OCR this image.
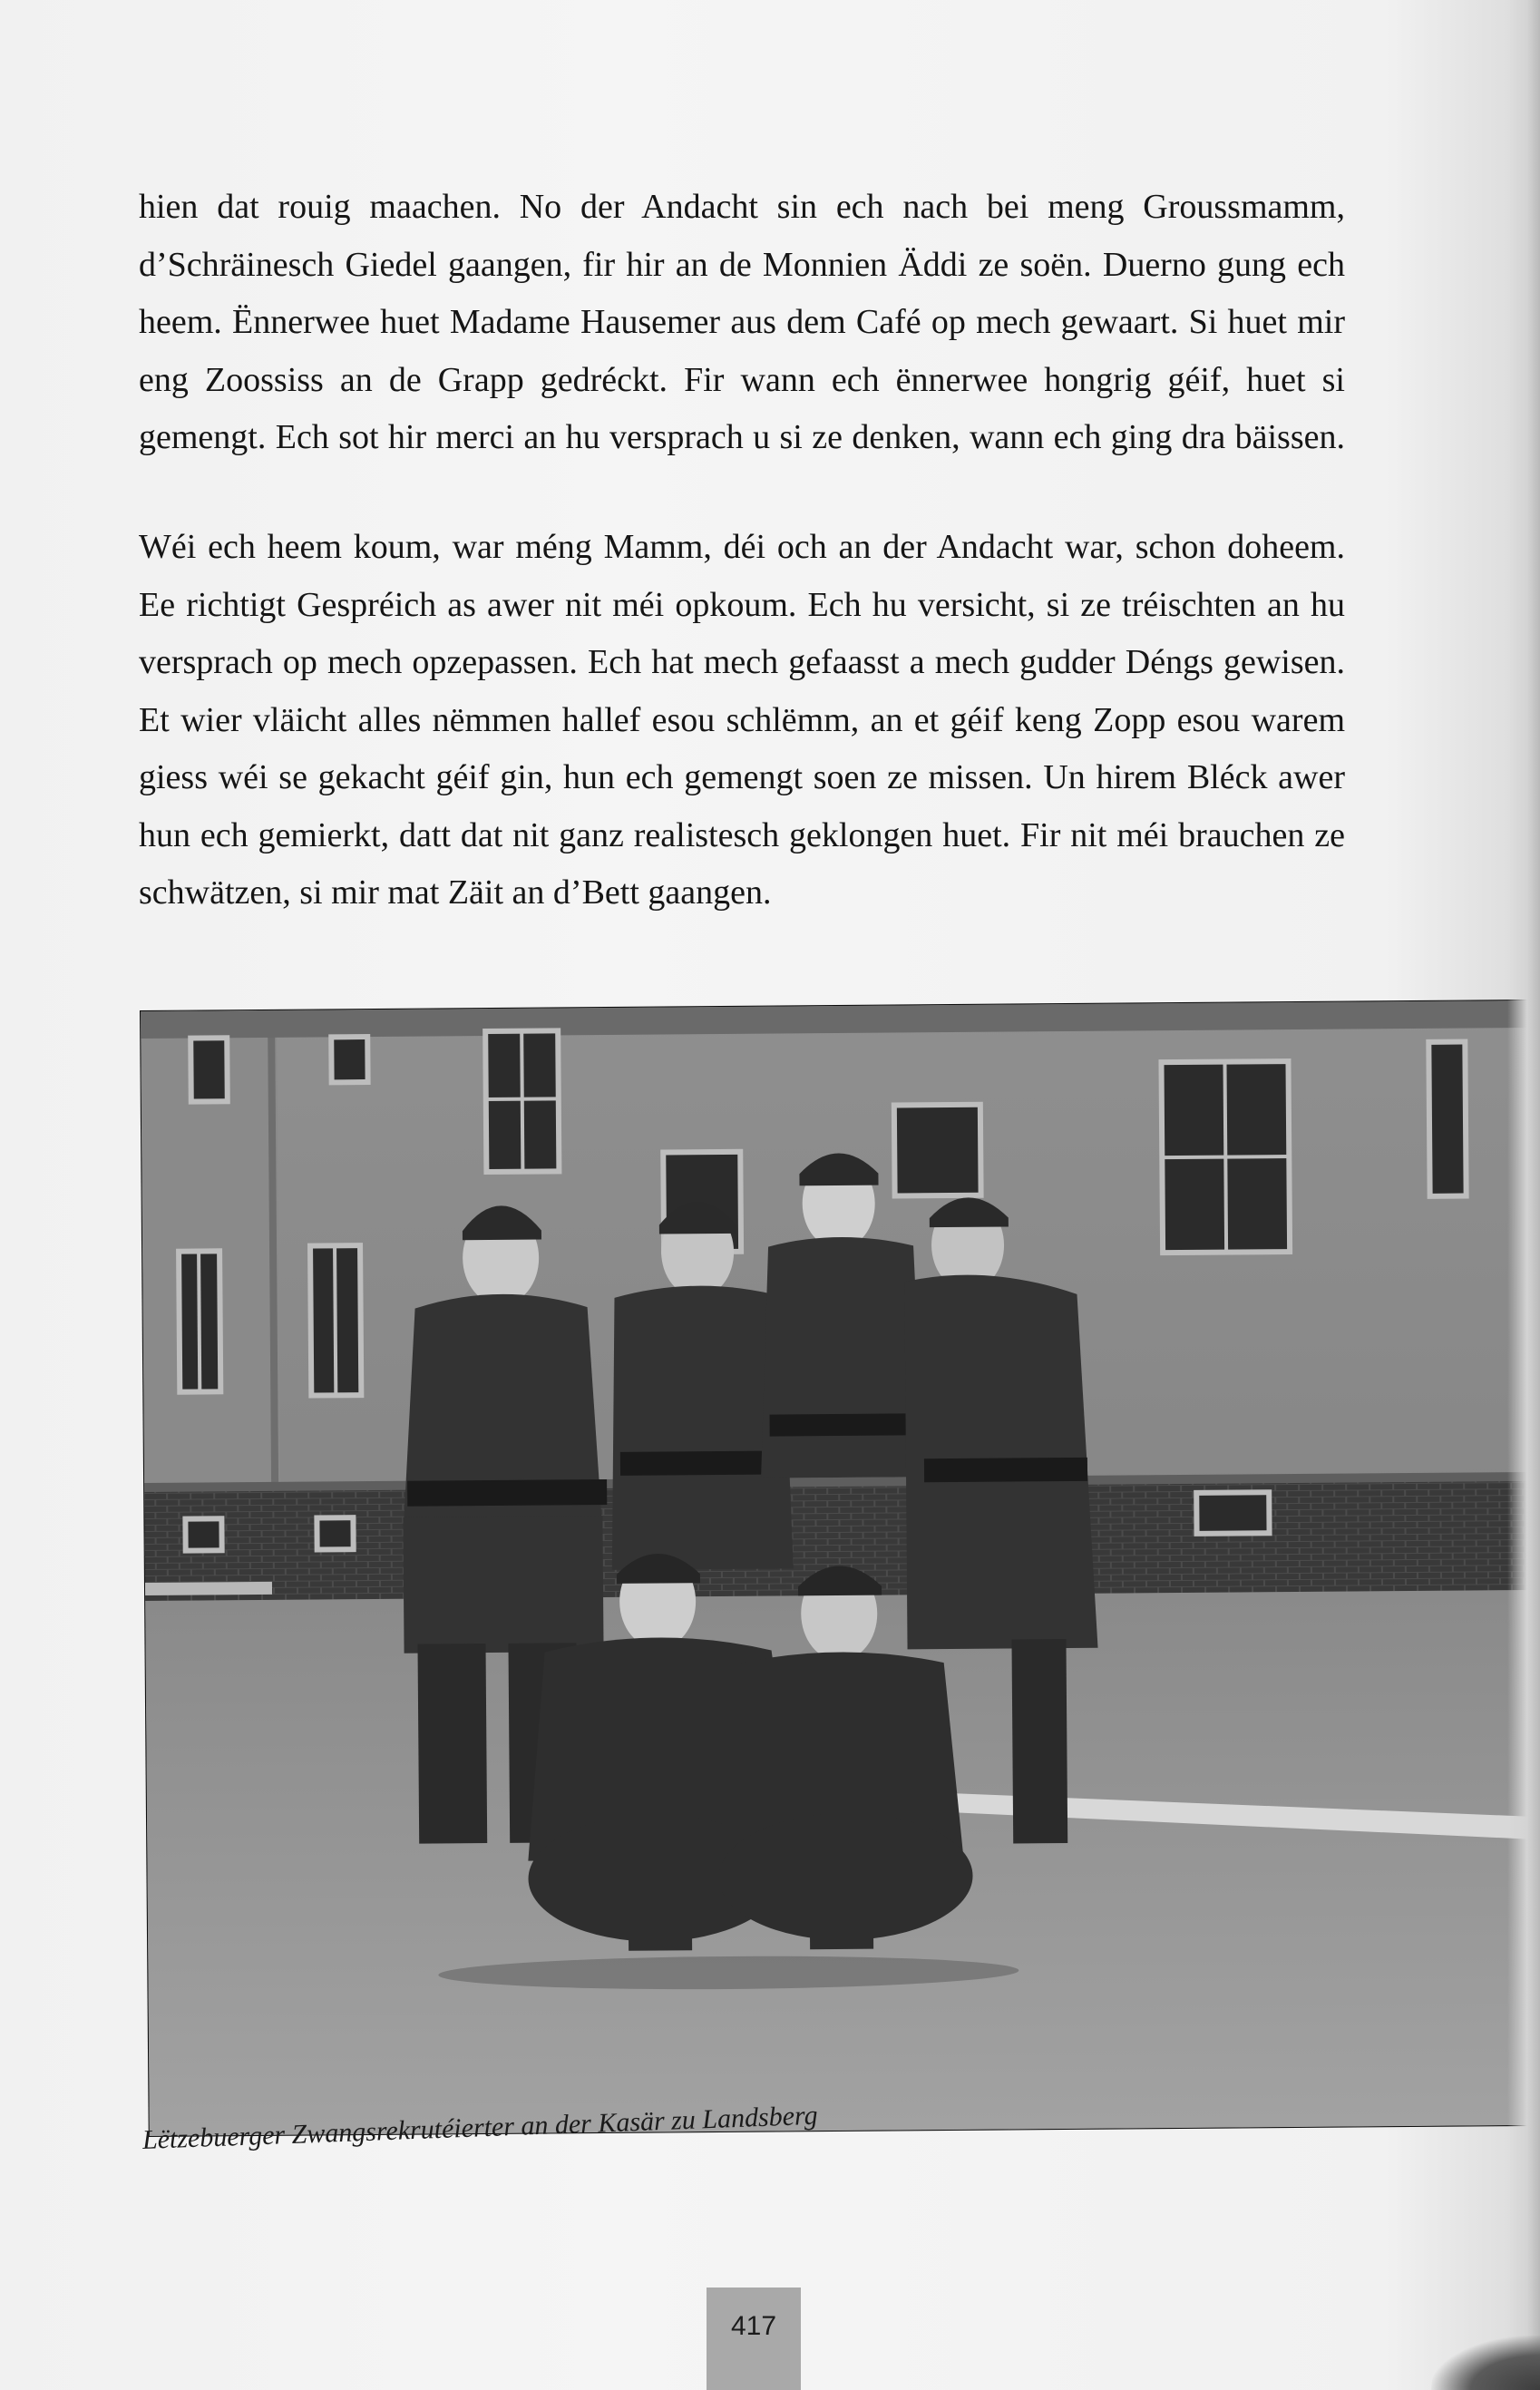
hien dat rouig maachen. No der Andacht sin ech nach bei meng Groussmamm,
d’Schräinesch Giedel gaangen, fir hir an de Monnien Äddi ze soën. Duerno gung ech
heem. Ënnerwee huet Madame Hausemer aus dem Café op mech gewaart. Si huet mir
eng Zoossiss an de Grapp gedréckt. Fir wann ech ënnerwee hongrig géif, huet si
gemengt. Ech sot hir merci an hu versprach u si ze denken, wann ech ging dra bäissen.

Wéi ech heem koum, war méng Mamm, déi och an der Andacht war, schon doheem.
Ee richtigt Gespréich as awer nit méi opkoum. Ech hu versicht, si ze tréischten an hu
versprach op mech opzepassen. Ech hat mech gefaasst a mech gudder Déngs gewisen.
Et wier vläicht alles nëmmen hallef esou schlëmm, an et géif keng Zopp esou warem
giess wéi se gekacht géif gin, hun ech gemengt soen ze missen. Un hirem Bléck awer
hun ech gemierkt, datt dat nit ganz realistesch geklongen huet. Fir nit méi brauchen ze
schwätzen, si mir mat Zäit an d’Bett gaangen.

Lëtzebuerger Zwangsrekrutéierter an der Kasär zu Landsberg
417
